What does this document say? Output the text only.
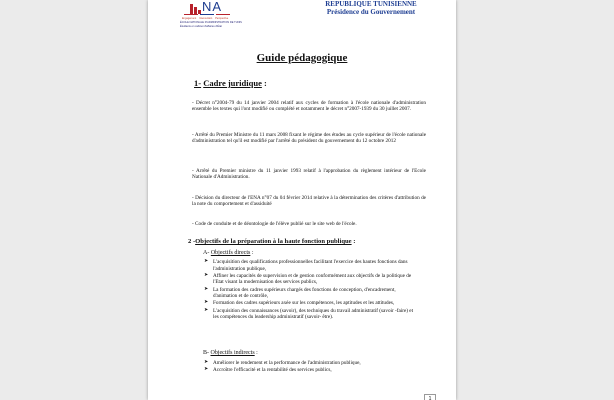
NA
Engagement Intervention Perspective
ÉCOLE NATIONALE D'ADMINISTRATION DE TUNIS
Étudiants en cabinet d'affaires d'État
REPUBLIQUE TUNISIENNE
Présidence du Gouvernement
Guide pédagogique
1- Cadre juridique :
- Décret n°2004-79 du 14 janvier 2004 relatif aux cycles de formation à l'école nationale d'administration ensemble les textes qui l'ont modifié ou complété et notamment le décret n°2007-1939 du 30 juillet 2007.
- Arrêté du Premier Ministre du 11 mars 2008 fixant le régime des études au cycle supérieur de l'école nationale d'administration tel qu'il est modifié par l'arrêté du président du gouvernement du 12 octobre 2012
- Arrêté du Premier ministre du 11 janvier 1993 relatif à l'approbation du règlement intérieur de l'Ecole Nationale d'Administration.
- Décision du directeur de l'ENA n°07 du 04 février 2014 relative à la détermination des critères d'attribution de la note du comportement et d'assiduité
- Code de conduite et de déontologie de l'élève publié sur le site web de l'école.
2 -Objectifs de la préparation à la haute fonction publique :
A- Objectifs directs :
➤ L'acquisition des qualifications professionnelles facilitant l'exercice des hautes fonctions dans l'administration publique,
➤ Affiner les capacités de supervision et de gestion conformément aux objectifs de la politique de l'Etat visant la modernisation des services publics,
➤ La formation des cadres supérieurs chargés des fonctions de conception, d'encadrement, d'animation et de contrôle,
➤ Formation des cadres supérieurs axée sur les compétences, les aptitudes et les attitudes,
➤ L'acquisition des connaissances (savoir), des techniques du travail administratif (savoir -faire) et les compétences du leadership administratif (savoir- être).
B- Objectifs indirects :
➤ Améliorer le rendement et la performance de l'administration publique,
➤ Accroître l'efficacité et la rentabilité des services publics,
1
